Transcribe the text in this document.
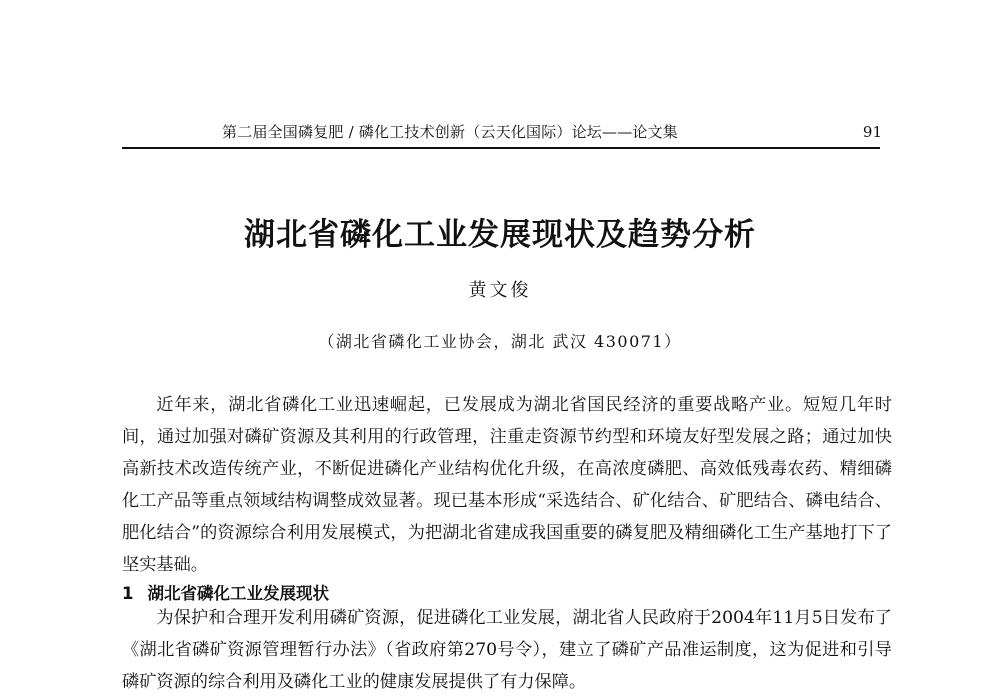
第二届全国磷复肥 / 磷化工技术创新（云天化国际）论坛——论文集	91
湖北省磷化工业发展现状及趋势分析
黄文俊
（湖北省磷化工业协会，湖北 武汉 430071）

近年来，湖北省磷化工业迅速崛起，已发展成为湖北省国民经济的重要战略产业。短短几年时间，通过加强对磷矿资源及其利用的行政管理，注重走资源节约型和环境友好型发展之路；通过加快高新技术改造传统产业，不断促进磷化产业结构优化升级，在高浓度磷肥、高效低残毒农药、精细磷化工产品等重点领域结构调整成效显著。现已基本形成“采选结合、矿化结合、矿肥结合、磷电结合、肥化结合”的资源综合利用发展模式，为把湖北省建成我国重要的磷复肥及精细磷化工生产基地打下了坚实基础。

1 湖北省磷化工业发展现状

为保护和合理开发利用磷矿资源，促进磷化工业发展，湖北省人民政府于2004年11月5日发布了《湖北省磷矿资源管理暂行办法》（省政府第270号令），建立了磷矿产品准运制度，这为促进和引导磷矿资源的综合利用及磷化工业的健康发展提供了有力保障。
